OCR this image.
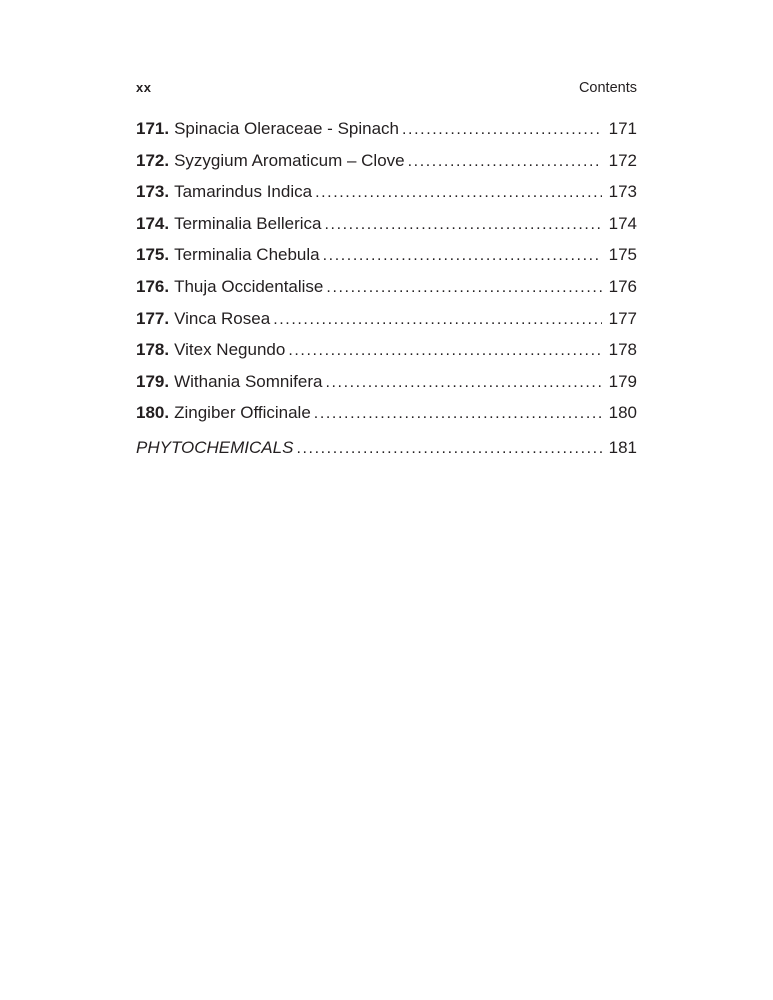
xx	Contents
171. Spinacia Oleraceae - Spinach .....	171
172. Syzygium Aromaticum – Clove .....	172
173. Tamarindus Indica .....	173
174. Terminalia Bellerica .....	174
175. Terminalia Chebula .....	175
176. Thuja Occidentalise .....	176
177. Vinca Rosea .....	177
178. Vitex Negundo .....	178
179. Withania Somnifera .....	179
180. Zingiber Officinale .....	180
PHYTOCHEMICALS .....	181
